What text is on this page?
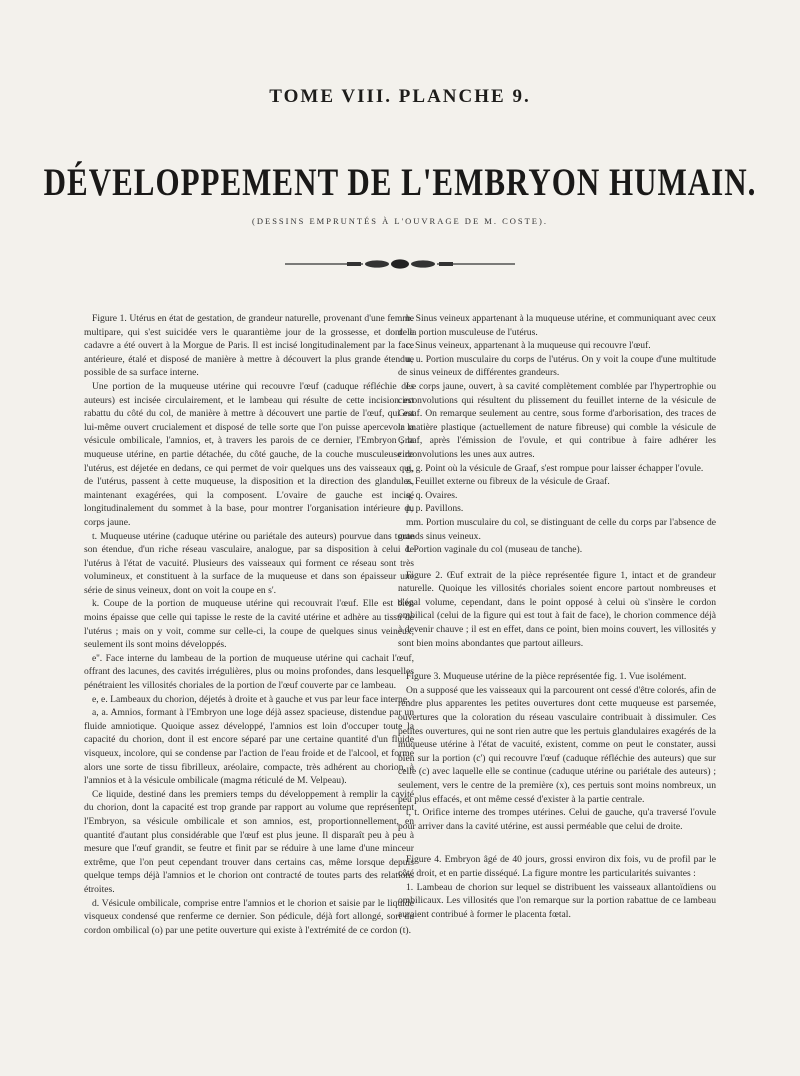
TOME VIII. PLANCHE 9.
DÉVELOPPEMENT DE L'EMBRYON HUMAIN.
(DESSINS EMPRUNTÉS À L'OUVRAGE DE M. COSTE).

Figure 1. Utérus en état de gestation, de grandeur naturelle, provenant d'une femme multipare, qui s'est suicidée vers le quarantième jour de la grossesse, et dont le cadavre a été ouvert à la Morgue de Paris. Il est incisé longitudinalement par la face antérieure, étalé et disposé de manière à mettre à découvert la plus grande étendue possible de sa surface interne.

Une portion de la muqueuse utérine qui recouvre l'œuf (caduque réfléchie des auteurs) est incisée circulairement, et le lambeau qui résulte de cette incision est rabattu du côté du col, de manière à mettre à découvert une partie de l'œuf, qui est lui-même ouvert crucialement et disposé de telle sorte que l'on puisse apercevoir la vésicule ombilicale, l'amnios, et, à travers les parois de ce dernier, l'Embryon ; la muqueuse utérine, en partie détachée, du côté gauche, de la couche musculeuse de l'utérus, est déjetée en dedans, ce qui permet de voir quelques uns des vaisseaux qui, de l'utérus, passent à cette muqueuse, la disposition et la direction des glandules, maintenant exagérées, qui la composent. L'ovaire de gauche est incisé longitudinalement du sommet à la base, pour montrer l'organisation intérieure du corps jaune.

t. Muqueuse utérine (caduque utérine ou pariétale des auteurs) pourvue dans toute son étendue, d'un riche réseau vasculaire, analogue, par sa disposition à celui de l'utérus à l'état de vacuité. Plusieurs des vaisseaux qui forment ce réseau sont très volumineux, et constituent à la surface de la muqueuse et dans son épaisseur une série de sinus veineux, dont on voit la coupe en s'.

k. Coupe de la portion de muqueuse utérine qui recouvrait l'œuf. Elle est bien moins épaisse que celle qui tapisse le reste de la cavité utérine et adhère au tissu de l'utérus ; mais on y voit, comme sur celle-ci, la coupe de quelques sinus veineux, seulement ils sont moins développés.

e''. Face interne du lambeau de la portion de muqueuse utérine qui cachait l'œuf, offrant des lacunes, des cavités irrégulières, plus ou moins profondes, dans lesquelles pénétraient les villosités choriales de la portion de l'œuf couverte par ce lambeau.

e, e. Lambeaux du chorion, déjetés à droite et à gauche et vus par leur face interne.

a, a. Amnios, formant à l'Embryon une loge déjà assez spacieuse, distendue par un fluide amniotique. Quoique assez développé, l'amnios est loin d'occuper toute la capacité du chorion, dont il est encore séparé par une certaine quantité d'un fluide visqueux, incolore, qui se condense par l'action de l'eau froide et de l'alcool, et forme alors une sorte de tissu fibrilleux, aréolaire, compacte, très adhérent au chorion, à l'amnios et à la vésicule ombilicale (magma réticulé de M. Velpeau).

Ce liquide, destiné dans les premiers temps du développement à remplir la cavité du chorion, dont la capacité est trop grande par rapport au volume que représentent l'Embryon, sa vésicule ombilicale et son amnios, est, proportionnellement, en quantité d'autant plus considérable que l'œuf est plus jeune. Il disparaît peu à peu à mesure que l'œuf grandit, se feutre et finit par se réduire à une lame d'une minceur extrême, que l'on peut cependant trouver dans certains cas, même lorsque depuis quelque temps déjà l'amnios et le chorion ont contracté de toutes parts des relations étroites.

d. Vésicule ombilicale, comprise entre l'amnios et le chorion et saisie par le liquide visqueux condensé que renferme ce dernier. Son pédicule, déjà fort allongé, sort du cordon ombilical (o) par une petite ouverture qui existe à l'extrémité de ce cordon (t).

b. Sinus veineux appartenant à la muqueuse utérine, et communiquant avec ceux de la portion musculeuse de l'utérus.

c. Sinus veineux, appartenant à la muqueuse qui recouvre l'œuf.

u, u. Portion musculaire du corps de l'utérus. On y voit la coupe d'une multitude de sinus veineux de différentes grandeurs.

Le corps jaune, ouvert, à sa cavité complètement comblée par l'hypertrophie ou circonvolutions qui résultent du plissement du feuillet interne de la vésicule de Graaf. On remarque seulement au centre, sous forme d'arborisation, des traces de la matière plastique (actuellement de nature fibreuse) qui comble la vésicule de Graaf, après l'émission de l'ovule, et qui contribue à faire adhérer les circonvolutions les unes aux autres.

g, g. Point où la vésicule de Graaf, s'est rompue pour laisser échapper l'ovule.

z. Feuillet externe ou fibreux de la vésicule de Graaf.

q, q. Ovaires.

p, p. Pavillons.

mm. Portion musculaire du col, se distinguant de celle du corps par l'absence de grands sinus veineux.

l. Portion vaginale du col (museau de tanche).

Figure 2. Œuf extrait de la pièce représentée figure 1, intact et de grandeur naturelle. Quoique les villosités choriales soient encore partout nombreuses et d'égal volume, cependant, dans le point opposé à celui où s'insère le cordon ombilical (celui de la figure qui est tout à fait de face), le chorion commence déjà à devenir chauve ; il est en effet, dans ce point, bien moins couvert, les villosités y sont bien moins abondantes que partout ailleurs.

Figure 3. Muqueuse utérine de la pièce représentée fig. 1. Vue isolément.

On a supposé que les vaisseaux qui la parcourent ont cessé d'être colorés, afin de rendre plus apparentes les petites ouvertures dont cette muqueuse est parsemée, ouvertures que la coloration du réseau vasculaire contribuait à dissimuler. Ces petites ouvertures, qui ne sont rien autre que les pertuis glandulaires exagérés de la muqueuse utérine à l'état de vacuité, existent, comme on peut le constater, aussi bien sur la portion (c') qui recouvre l'œuf (caduque réfléchie des auteurs) que sur celle (c) avec laquelle elle se continue (caduque utérine ou pariétale des auteurs) ; seulement, vers le centre de la première (x), ces pertuis sont moins nombreux, un peu plus effacés, et ont même cessé d'exister à la partie centrale.

t, t. Orifice interne des trompes utérines. Celui de gauche, qu'a traversé l'ovule pour arriver dans la cavité utérine, est aussi perméable que celui de droite.

Figure 4. Embryon âgé de 40 jours, grossi environ dix fois, vu de profil par le côté droit, et en partie disséqué. La figure montre les particularités suivantes :

1. Lambeau de chorion sur lequel se distribuent les vaisseaux allantoïdiens ou ombilicaux. Les villosités que l'on remarque sur la portion rabattue de ce lambeau auraient contribué à former le placenta fœtal.
